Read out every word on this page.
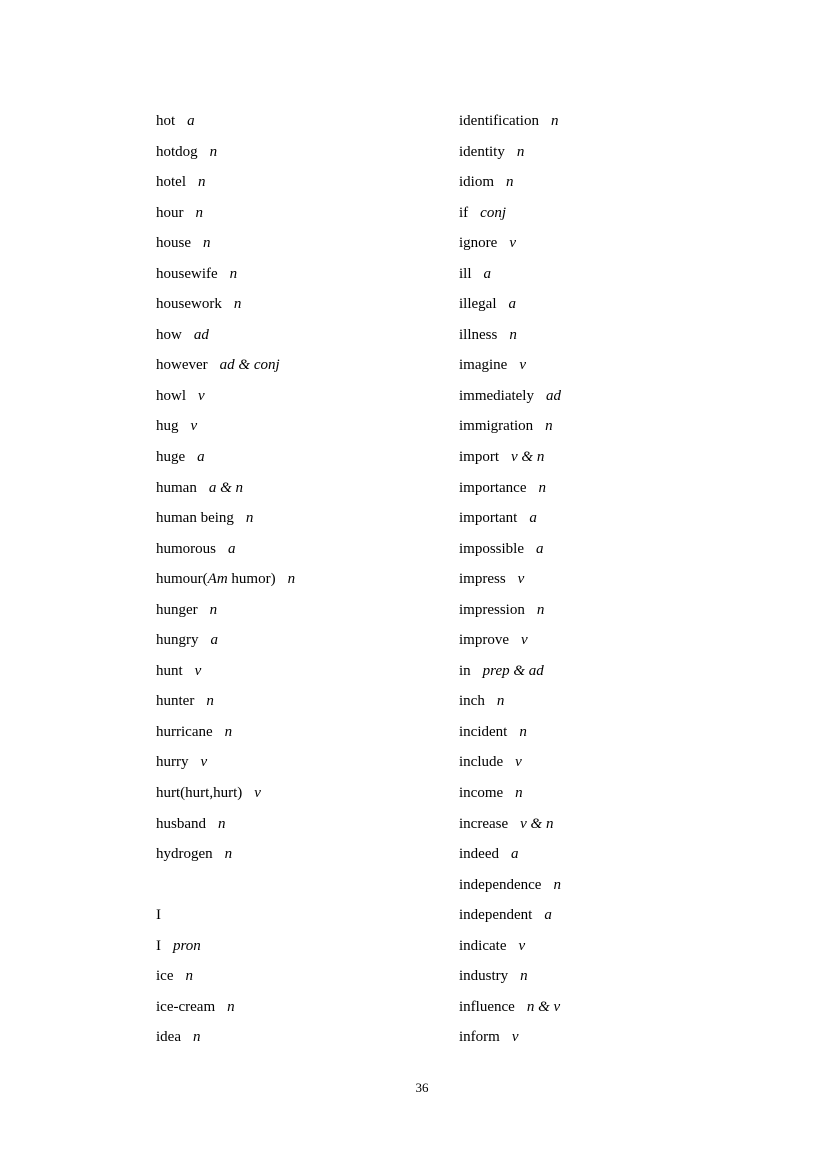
hot a
hotdog n
hotel n
hour n
house n
housewife n
housework n
how ad
however ad & conj
howl v
hug v
huge a
human a & n
human being n
humorous a
humour(Am humor) n
hunger n
hungry a
hunt v
hunter n
hurricane n
hurry v
hurt(hurt,hurt) v
husband n
hydrogen n
I
I pron
ice n
ice-cream n
idea n
identification n
identity n
idiom n
if conj
ignore v
ill a
illegal a
illness n
imagine v
immediately ad
immigration n
import v & n
importance n
important a
impossible a
impress v
impression n
improve v
in prep & ad
inch n
incident n
include v
income n
increase v & n
indeed a
independence n
independent a
indicate v
industry n
influence n & v
inform v
36
